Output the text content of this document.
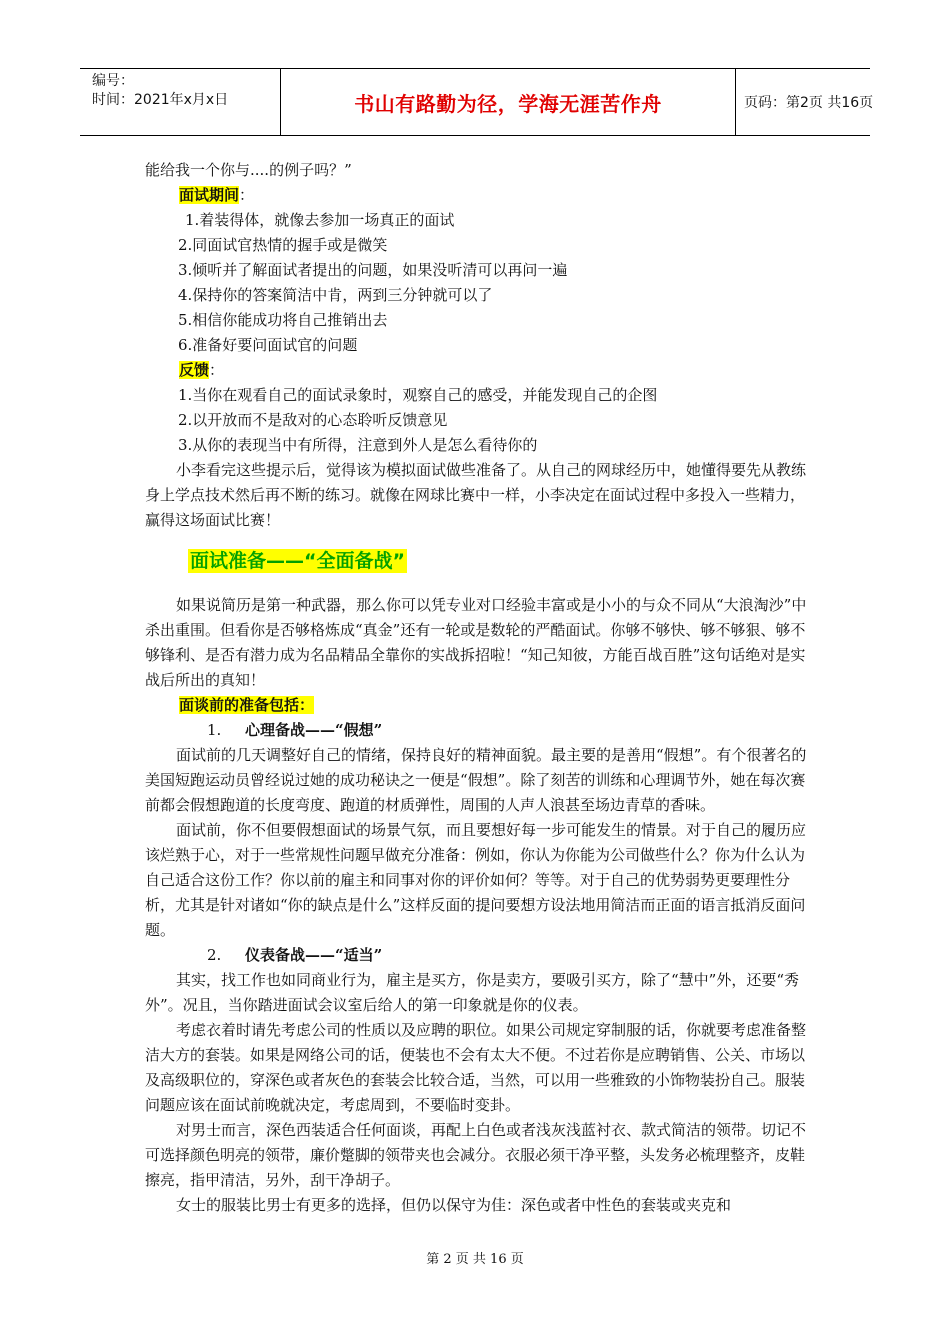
编号：
时间：2021年x月x日	书山有路勤为径，学海无涯苦作舟	页码：第2页 共16页

能给我一个你与....的例子吗？”

面试期间：

1.着装得体，就像去参加一场真正的面试

2.同面试官热情的握手或是微笑

3.倾听并了解面试者提出的问题，如果没听清可以再问一遍

4.保持你的答案简洁中肯，两到三分钟就可以了

5.相信你能成功将自己推销出去

6.准备好要问面试官的问题

反馈：

1.当你在观看自己的面试录象时，观察自己的感受，并能发现自己的企图

2.以开放而不是敌对的心态聆听反馈意见

3.从你的表现当中有所得，注意到外人是怎么看待你的

小李看完这些提示后，觉得该为模拟面试做些准备了。从自己的网球经历中，她懂得要先从教练身上学点技术然后再不断的练习。就像在网球比赛中一样，小李决定在面试过程中多投入一些精力，赢得这场面试比赛！

面试准备——“全面备战”

如果说简历是第一种武器，那么你可以凭专业对口经验丰富或是小小的与众不同从“大浪淘沙”中杀出重围。但看你是否够格炼成“真金”还有一轮或是数轮的严酷面试。你够不够快、够不够狠、够不够锋利、是否有潜力成为名品精品全靠你的实战拆招啦！“知己知彼，方能百战百胜”这句话绝对是实战后所出的真知！

面谈前的准备包括：

1. 心理备战——“假想”

面试前的几天调整好自己的情绪，保持良好的精神面貌。最主要的是善用“假想”。有个很著名的美国短跑运动员曾经说过她的成功秘诀之一便是“假想”。除了刻苦的训练和心理调节外，她在每次赛前都会假想跑道的长度弯度、跑道的材质弹性，周围的人声人浪甚至场边青草的香味。

面试前，你不但要假想面试的场景气氛，而且要想好每一步可能发生的情景。对于自己的履历应该烂熟于心，对于一些常规性问题早做充分准备：例如，你认为你能为公司做些什么？你为什么认为自己适合这份工作？你以前的雇主和同事对你的评价如何？等等。对于自己的优势弱势更要理性分析，尤其是针对诸如“你的缺点是什么”这样反面的提问要想方设法地用简洁而正面的语言抵消反面问题。

2. 仪表备战——“适当”

其实，找工作也如同商业行为，雇主是买方，你是卖方，要吸引买方，除了“慧中”外，还要“秀外”。况且，当你踏进面试会议室后给人的第一印象就是你的仪表。

考虑衣着时请先考虑公司的性质以及应聘的职位。如果公司规定穿制服的话，你就要考虑准备整洁大方的套装。如果是网络公司的话，便装也不会有太大不便。不过若你是应聘销售、公关、市场以及高级职位的，穿深色或者灰色的套装会比较合适，当然，可以用一些雅致的小饰物装扮自己。服装问题应该在面试前晚就决定，考虑周到，不要临时变卦。

对男士而言，深色西装适合任何面谈，再配上白色或者浅灰浅蓝衬衣、款式简洁的领带。切记不可选择颜色明亮的领带，廉价蹩脚的领带夹也会减分。衣服必须干净平整，头发务必梳理整齐，皮鞋擦亮，指甲清洁，另外，刮干净胡子。

女士的服装比男士有更多的选择，但仍以保守为佳：深色或者中性色的套装或夹克和

第 2 页 共 16 页
